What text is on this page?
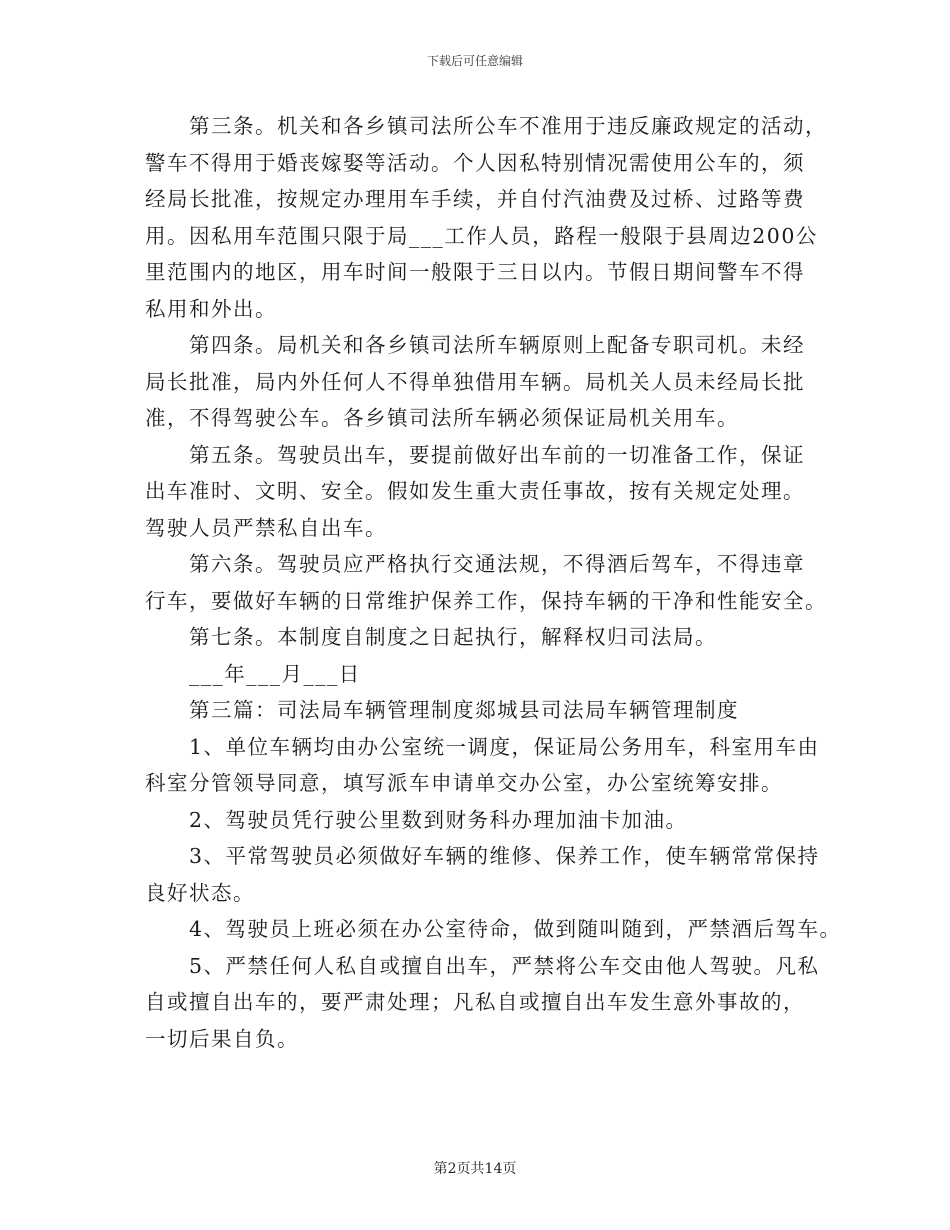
下载后可任意编辑
第三条。机关和各乡镇司法所公车不准用于违反廉政规定的活动，
警车不得用于婚丧嫁娶等活动。个人因私特别情况需使用公车的，须
经局长批准，按规定办理用车手续，并自付汽油费及过桥、过路等费
用。因私用车范围只限于局___工作人员，路程一般限于县周边200公
里范围内的地区，用车时间一般限于三日以内。节假日期间警车不得
私用和外出。
第四条。局机关和各乡镇司法所车辆原则上配备专职司机。未经
局长批准，局内外任何人不得单独借用车辆。局机关人员未经局长批
准，不得驾驶公车。各乡镇司法所车辆必须保证局机关用车。
第五条。驾驶员出车，要提前做好出车前的一切准备工作，保证
出车准时、文明、安全。假如发生重大责任事故，按有关规定处理。
驾驶人员严禁私自出车。
第六条。驾驶员应严格执行交通法规，不得酒后驾车，不得违章
行车，要做好车辆的日常维护保养工作，保持车辆的干净和性能安全。
第七条。本制度自制度之日起执行，解释权归司法局。
___年___月___日
第三篇：司法局车辆管理制度郯城县司法局车辆管理制度
1、单位车辆均由办公室统一调度，保证局公务用车，科室用车由
科室分管领导同意，填写派车申请单交办公室，办公室统筹安排。
2、驾驶员凭行驶公里数到财务科办理加油卡加油。
3、平常驾驶员必须做好车辆的维修、保养工作，使车辆常常保持
良好状态。
4、驾驶员上班必须在办公室待命，做到随叫随到，严禁酒后驾车。
5、严禁任何人私自或擅自出车，严禁将公车交由他人驾驶。凡私
自或擅自出车的，要严肃处理；凡私自或擅自出车发生意外事故的，
一切后果自负。
第2页共14页
